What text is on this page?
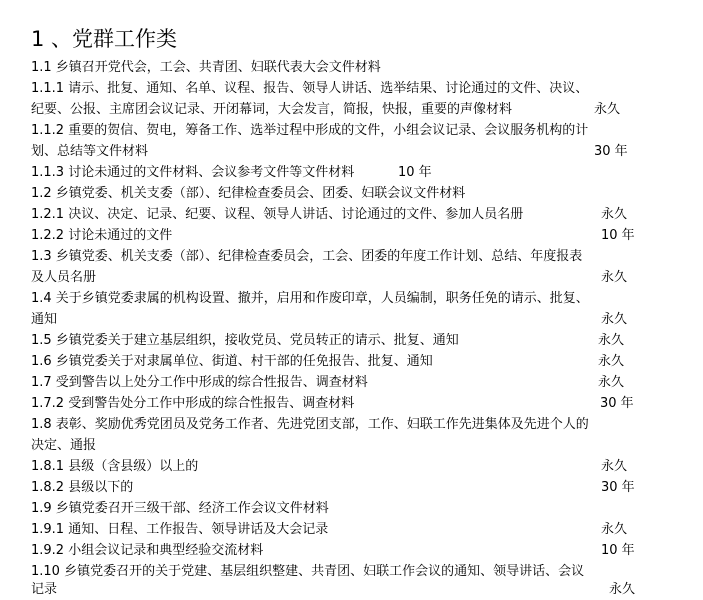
1 、党群工作类
1.1 乡镇召开党代会，工会、共青团、妇联代表大会文件材料
1.1.1 请示、批复、通知、名单、议程、报告、领导人讲话、选举结果、讨论通过的文件、决议、
纪要、公报、主席团会议记录、开闭幕词，大会发言，简报，快报，重要的声像材料	永久
1.1.2 重要的贺信、贺电，筹备工作、选举过程中形成的文件，小组会议记录、会议服务机构的计
划、总结等文件材料	30 年
1.1.3 讨论未通过的文件材料、会议参考文件等文件材料	10 年
1.2 乡镇党委、机关支委（部）、纪律检查委员会、团委、妇联会议文件材料
1.2.1 决议、决定、记录、纪要、议程、领导人讲话、讨论通过的文件、参加人员名册	永久
1.2.2 讨论未通过的文件	10 年
1.3 乡镇党委、机关支委（部）、纪律检查委员会，工会、团委的年度工作计划、总结、年度报表
及人员名册	永久
1.4 关于乡镇党委隶属的机构设置、撤并，启用和作废印章，人员编制，职务任免的请示、批复、
通知	永久
1.5 乡镇党委关于建立基层组织，接收党员、党员转正的请示、批复、通知	永久
1.6 乡镇党委关于对隶属单位、街道、村干部的任免报告、批复、通知	永久
1.7 受到警告以上处分工作中形成的综合性报告、调查材料	永久
1.7.2 受到警告处分工作中形成的综合性报告、调查材料	30 年
1.8 表彰、奖励优秀党团员及党务工作者、先进党团支部，工作、妇联工作先进集体及先进个人的
决定、通报
1.8.1 县级（含县级）以上的	永久
1.8.2 县级以下的	30 年
1.9 乡镇党委召开三级干部、经济工作会议文件材料
1.9.1 通知、日程、工作报告、领导讲话及大会记录	永久
1.9.2 小组会议记录和典型经验交流材料	10 年
1.10 乡镇党委召开的关于党建、基层组织整建、共青团、妇联工作会议的通知、领导讲话、会议
记录	永久
